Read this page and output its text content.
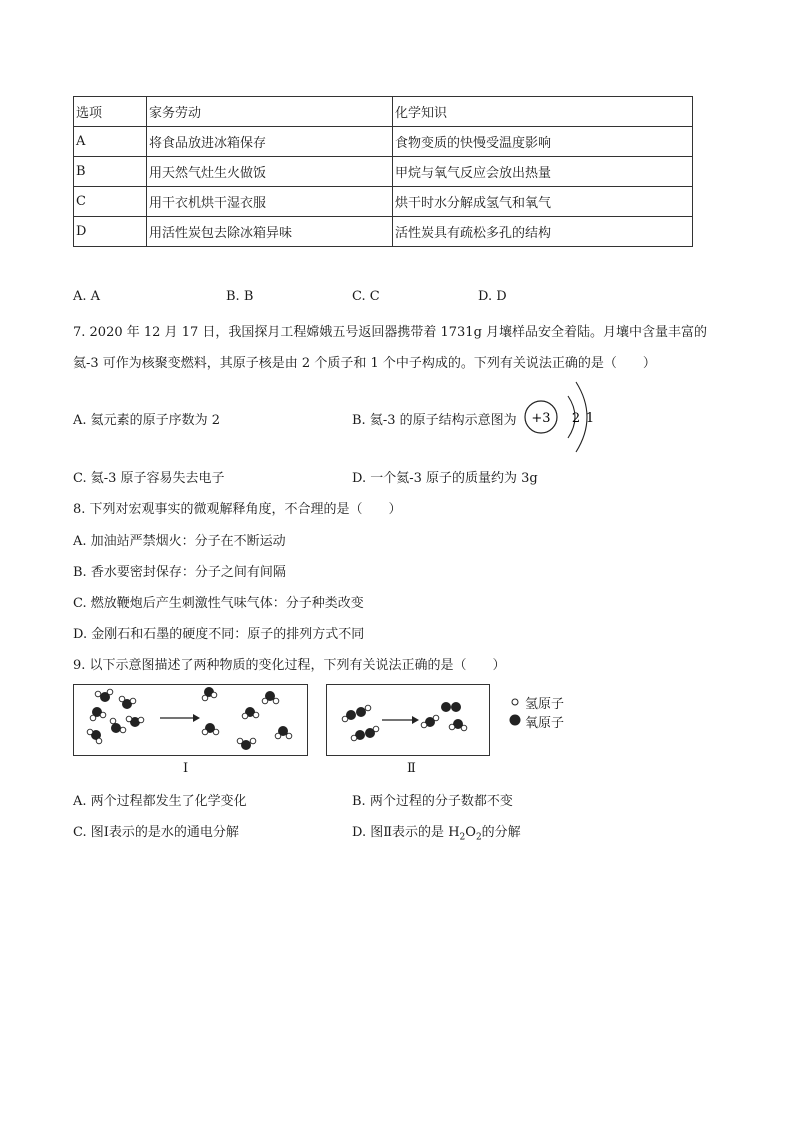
选项	家务劳动	化学知识
A	将食品放进冰箱保存	食物变质的快慢受温度影响
B	用天然气灶生火做饭	甲烷与氧气反应会放出热量
C	用干衣机烘干湿衣服	烘干时水分解成氢气和氧气
D	用活性炭包去除冰箱异味	活性炭具有疏松多孔的结构
A. A	B. B	C. C	D. D
7. 2020 年 12 月 17 日，我国探月工程嫦娥五号返回器携带着 1731g 月壤样品安全着陆。月壤中含量丰富的
氦-3 可作为核聚变燃料，其原子核是由 2 个质子和 1 个中子构成的。下列有关说法正确的是（　　）
A. 氦元素的原子序数为 2	B. 氦-3 的原子结构示意图为 +3 2 1
C. 氦-3 原子容易失去电子	D. 一个氦-3 原子的质量约为 3g
8. 下列对宏观事实的微观解释角度，不合理的是（　　）
A. 加油站严禁烟火：分子在不断运动
B. 香水要密封保存：分子之间有间隔
C. 燃放鞭炮后产生刺激性气味气体：分子种类改变
D. 金刚石和石墨的硬度不同：原子的排列方式不同
9. 以下示意图描述了两种物质的变化过程，下列有关说法正确的是（　　）
Ⅰ	Ⅱ
氢原子
氧原子
A. 两个过程都发生了化学变化	B. 两个过程的分子数都不变
C. 图Ⅰ表示的是水的通电分解	D. 图Ⅱ表示的是 $H_2O_2$的分解
